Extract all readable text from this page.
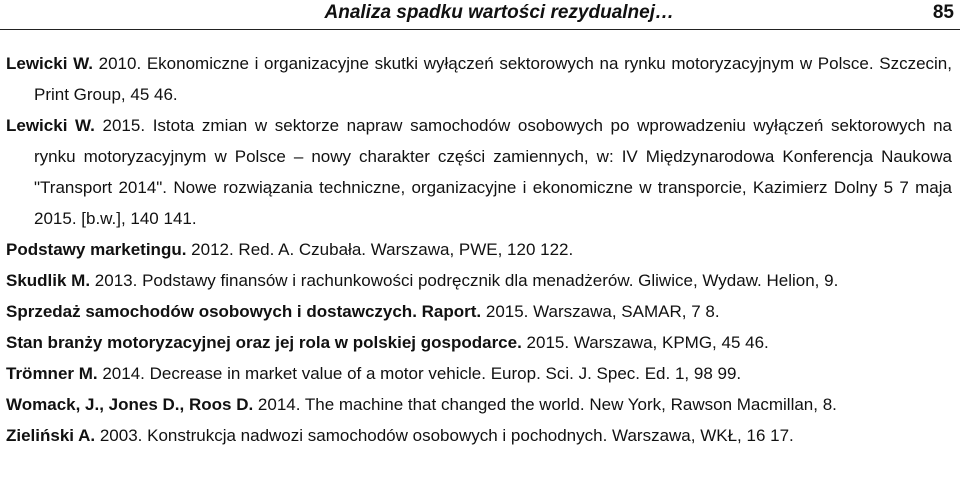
Analiza spadku wartości rezydualnej…	85
Lewicki W. 2010. Ekonomiczne i organizacyjne skutki wyłączeń sektorowych na rynku motoryzacyjnym w Polsce. Szczecin, Print Group, 45 46.
Lewicki W. 2015. Istota zmian w sektorze napraw samochodów osobowych po wprowadzeniu wyłączeń sektorowych na rynku motoryzacyjnym w Polsce – nowy charakter części zamiennych, w: IV Międzynarodowa Konferencja Naukowa "Transport 2014". Nowe rozwiązania techniczne, organizacyjne i ekonomiczne w transporcie, Kazimierz Dolny 5 7 maja 2015. [b.w.], 140 141.
Podstawy marketingu. 2012. Red. A. Czubała. Warszawa, PWE, 120 122.
Skudlik M. 2013. Podstawy finansów i rachunkowości podręcznik dla menadżerów. Gliwice, Wydaw. Helion, 9.
Sprzedaż samochodów osobowych i dostawczych. Raport. 2015. Warszawa, SAMAR, 7 8.
Stan branży motoryzacyjnej oraz jej rola w polskiej gospodarce. 2015. Warszawa, KPMG, 45 46.
Trömner M. 2014. Decrease in market value of a motor vehicle. Europ. Sci. J. Spec. Ed. 1, 98 99.
Womack, J., Jones D., Roos D. 2014. The machine that changed the world. New York, Rawson Macmillan, 8.
Zieliński A. 2003. Konstrukcja nadwozi samochodów osobowych i pochodnych. Warszawa, WKŁ, 16 17.
